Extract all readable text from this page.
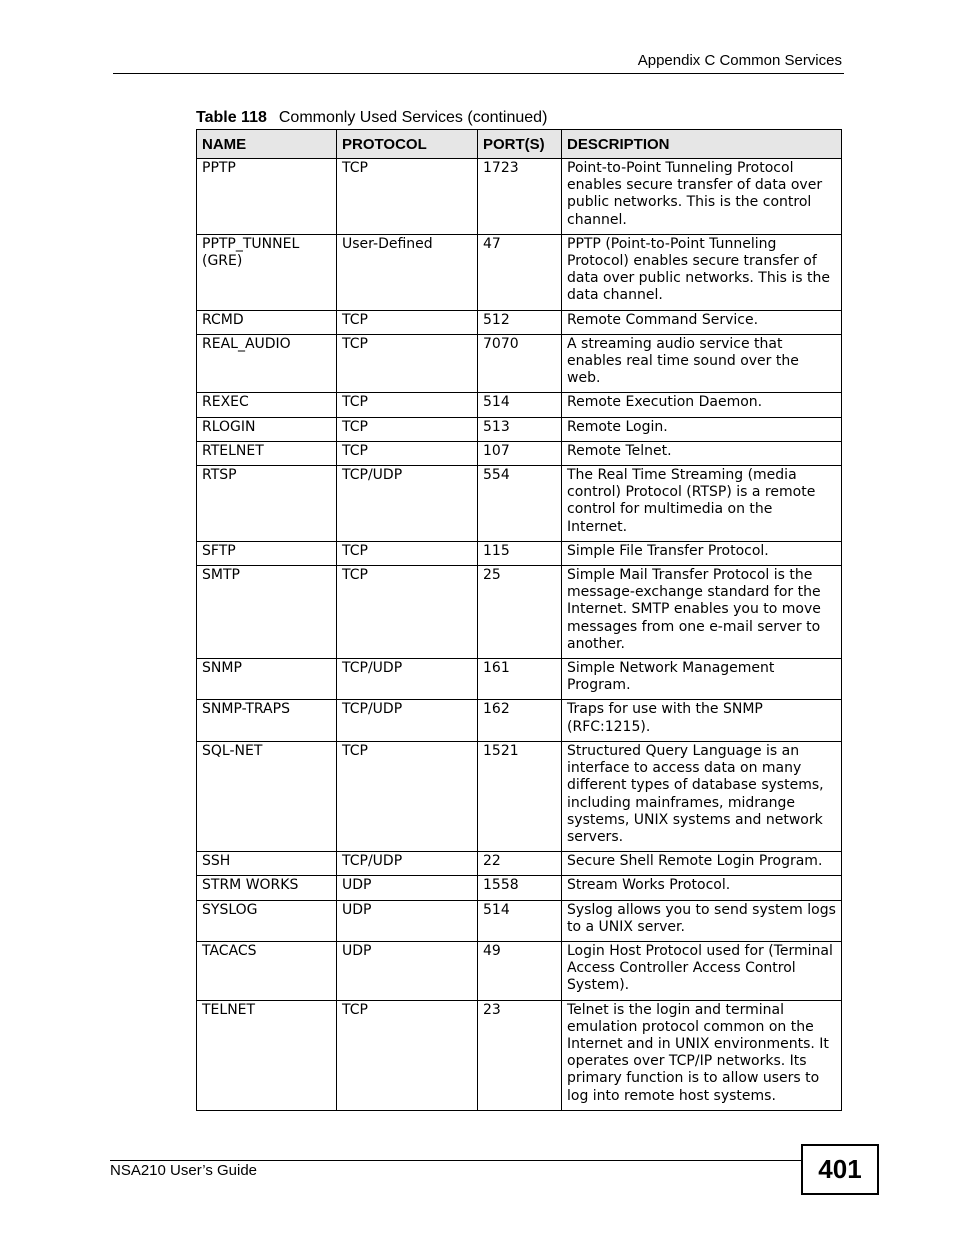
Appendix C Common Services
Table 118 Commonly Used Services (continued)
NAME	PROTOCOL	PORT(S)	DESCRIPTION
PPTP	TCP	1723	Point-to-Point Tunneling Protocol enables secure transfer of data over public networks. This is the control channel.
PPTP_TUNNEL (GRE)	User-Defined	47	PPTP (Point-to-Point Tunneling Protocol) enables secure transfer of data over public networks. This is the data channel.
RCMD	TCP	512	Remote Command Service.
REAL_AUDIO	TCP	7070	A streaming audio service that enables real time sound over the web.
REXEC	TCP	514	Remote Execution Daemon.
RLOGIN	TCP	513	Remote Login.
RTELNET	TCP	107	Remote Telnet.
RTSP	TCP/UDP	554	The Real Time Streaming (media control) Protocol (RTSP) is a remote control for multimedia on the Internet.
SFTP	TCP	115	Simple File Transfer Protocol.
SMTP	TCP	25	Simple Mail Transfer Protocol is the message-exchange standard for the Internet. SMTP enables you to move messages from one e-mail server to another.
SNMP	TCP/UDP	161	Simple Network Management Program.
SNMP-TRAPS	TCP/UDP	162	Traps for use with the SNMP (RFC:1215).
SQL-NET	TCP	1521	Structured Query Language is an interface to access data on many different types of database systems, including mainframes, midrange systems, UNIX systems and network servers.
SSH	TCP/UDP	22	Secure Shell Remote Login Program.
STRM WORKS	UDP	1558	Stream Works Protocol.
SYSLOG	UDP	514	Syslog allows you to send system logs to a UNIX server.
TACACS	UDP	49	Login Host Protocol used for (Terminal Access Controller Access Control System).
TELNET	TCP	23	Telnet is the login and terminal emulation protocol common on the Internet and in UNIX environments. It operates over TCP/IP networks. Its primary function is to allow users to log into remote host systems.
NSA210 User’s Guide	401
